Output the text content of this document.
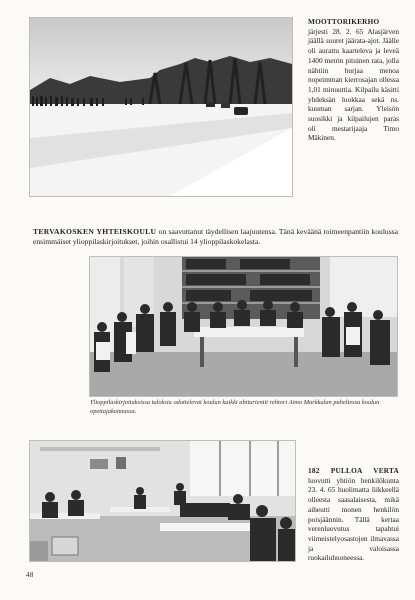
MOOTTORIKERHO järjesti 28. 2. 65 Alasjärven jäällä suuret jäärata-ajot. Jäälle oli aurattu kaarteleva ja leveä 1400 metrin pituinen rata, jolla nähtiin hurjaa menoa nopeimman kierrosajan ollessa 1,01 minuuttia. Kilpailu käsitti yhdeksän luokkaa sekä ns. kuuman sarjan. Yleisön suosikki ja kilpailujen paras oli mestarijaaja Timo Mäkinen.
TERVAKOSKEN YHTEISKOULU on saavuttanut täydellisen laajuutensa. Tänä keväänä toimeenpantiin koulussa ensimmäiset ylioppilaskirjoitukset, joihin osallistui 14 ylioppilaskokelasta.
Ylioppilaskirjoituksissa tuloksia odottelevat koulun kaikki abiturientit rehtori Aimo Markkulan puheltessa koulun opettajakunnassa.
182 PULLOA VERTA luovutti yhtiön henkilökunta 23. 4. 65 huolimatta liikkeellä olleesta saasalaisesta, mikä aiheutti monen henkilön poisjäännin. Tällä kertaa verenluovutus tapahtui viimeistelyosastojen ilmavassa ja valoisassa ruokailuhuoneessa.
48
